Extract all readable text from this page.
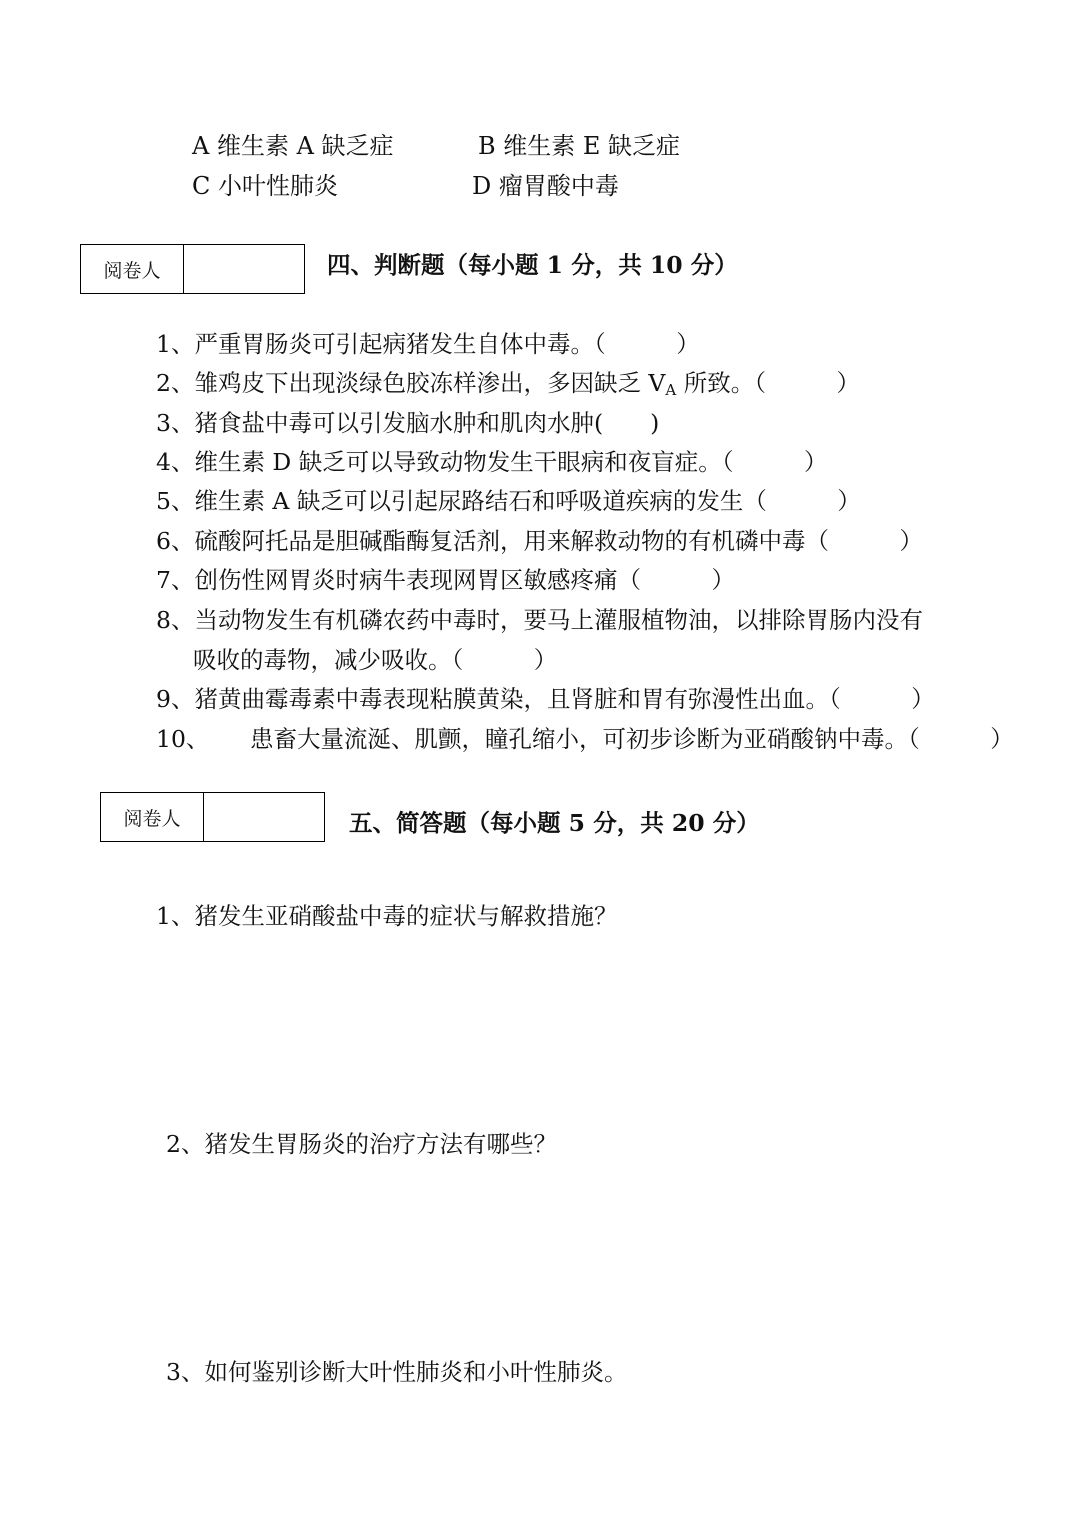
A 维生素 A 缺乏症	B 维生素 E 缺乏症
C 小叶性肺炎	D 瘤胃酸中毒
阅卷人	四、判断题（每小题 1 分，共 10 分）
1、严重胃肠炎可引起病猪发生自体中毒。（　　　）
2、雏鸡皮下出现淡绿色胶冻样渗出，多因缺乏 $V_A$ 所致。（　　　）
3、猪食盐中毒可以引发脑水肿和肌肉水肿(　　)
4、维生素 D 缺乏可以导致动物发生干眼病和夜盲症。（　　　）
5、维生素 A 缺乏可以引起尿路结石和呼吸道疾病的发生（　　　）
6、硫酸阿托品是胆碱酯酶复活剂，用来解救动物的有机磷中毒（　　　）
7、创伤性网胃炎时病牛表现网胃区敏感疼痛（　　　）
8、当动物发生有机磷农药中毒时，要马上灌服植物油，以排除胃肠内没有
吸收的毒物，减少吸收。（　　　）
9、猪黄曲霉毒素中毒表现粘膜黄染，且肾脏和胃有弥漫性出血。（　　　）
10、 患畜大量流涎、肌颤，瞳孔缩小，可初步诊断为亚硝酸钠中毒。（　　　）
阅卷人	五、简答题（每小题 5 分，共 20 分）
1、猪发生亚硝酸盐中毒的症状与解救措施？
2、猪发生胃肠炎的治疗方法有哪些？
3、如何鉴别诊断大叶性肺炎和小叶性肺炎。
